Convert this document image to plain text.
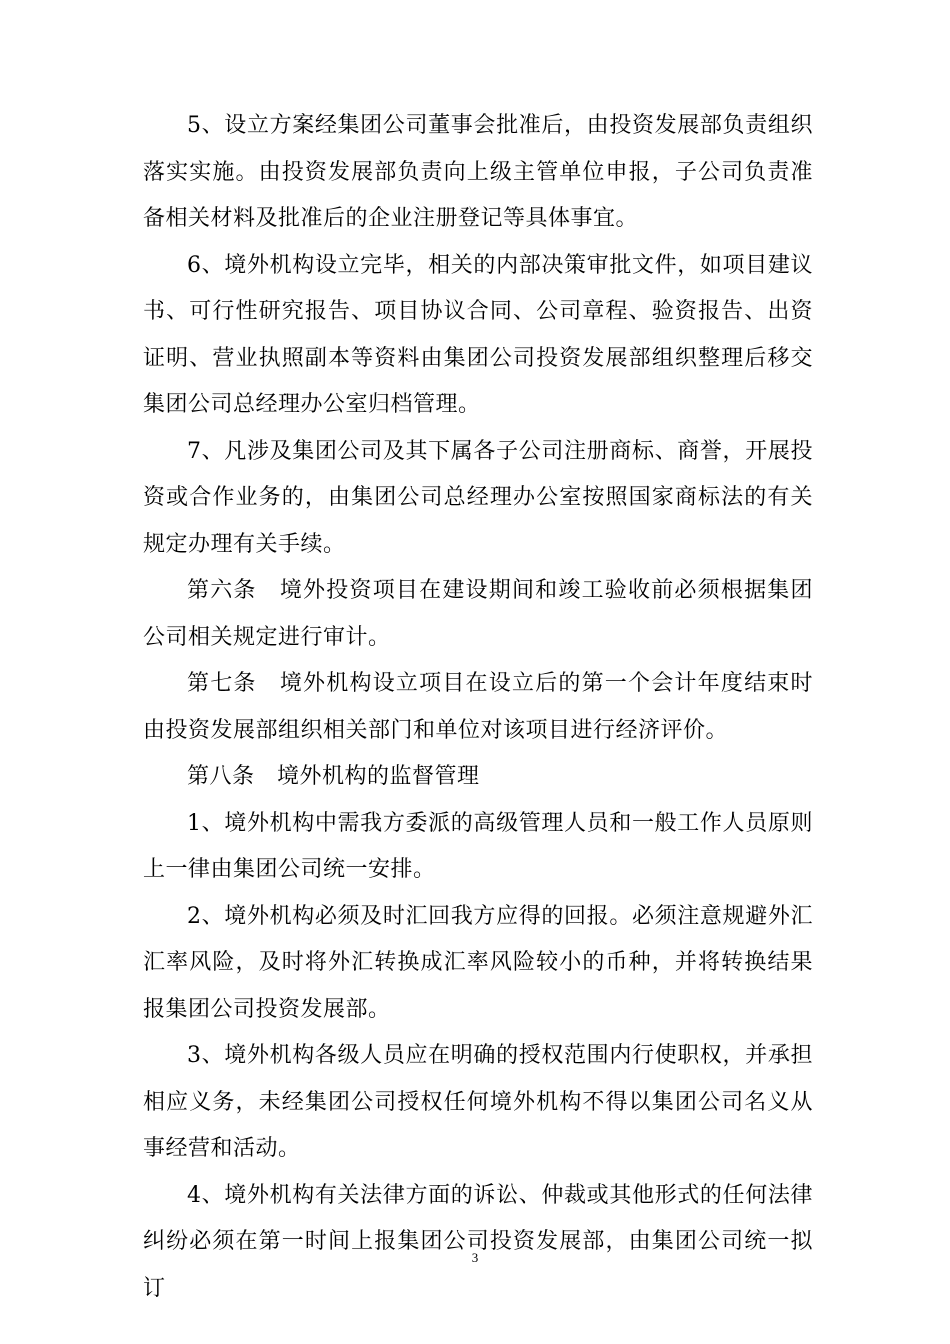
5、设立方案经集团公司董事会批准后，由投资发展部负责组织落实实施。由投资发展部负责向上级主管单位申报，子公司负责准备相关材料及批准后的企业注册登记等具体事宜。

6、境外机构设立完毕，相关的内部决策审批文件，如项目建议书、可行性研究报告、项目协议合同、公司章程、验资报告、出资证明、营业执照副本等资料由集团公司投资发展部组织整理后移交集团公司总经理办公室归档管理。

7、凡涉及集团公司及其下属各子公司注册商标、商誉，开展投资或合作业务的，由集团公司总经理办公室按照国家商标法的有关规定办理有关手续。

第六条　境外投资项目在建设期间和竣工验收前必须根据集团公司相关规定进行审计。

第七条　境外机构设立项目在设立后的第一个会计年度结束时由投资发展部组织相关部门和单位对该项目进行经济评价。

第八条　境外机构的监督管理

1、境外机构中需我方委派的高级管理人员和一般工作人员原则上一律由集团公司统一安排。

2、境外机构必须及时汇回我方应得的回报。必须注意规避外汇汇率风险，及时将外汇转换成汇率风险较小的币种，并将转换结果报集团公司投资发展部。

3、境外机构各级人员应在明确的授权范围内行使职权，并承担相应义务，未经集团公司授权任何境外机构不得以集团公司名义从事经营和活动。

4、境外机构有关法律方面的诉讼、仲裁或其他形式的任何法律纠纷必须在第一时间上报集团公司投资发展部，由集团公司统一拟订

3
